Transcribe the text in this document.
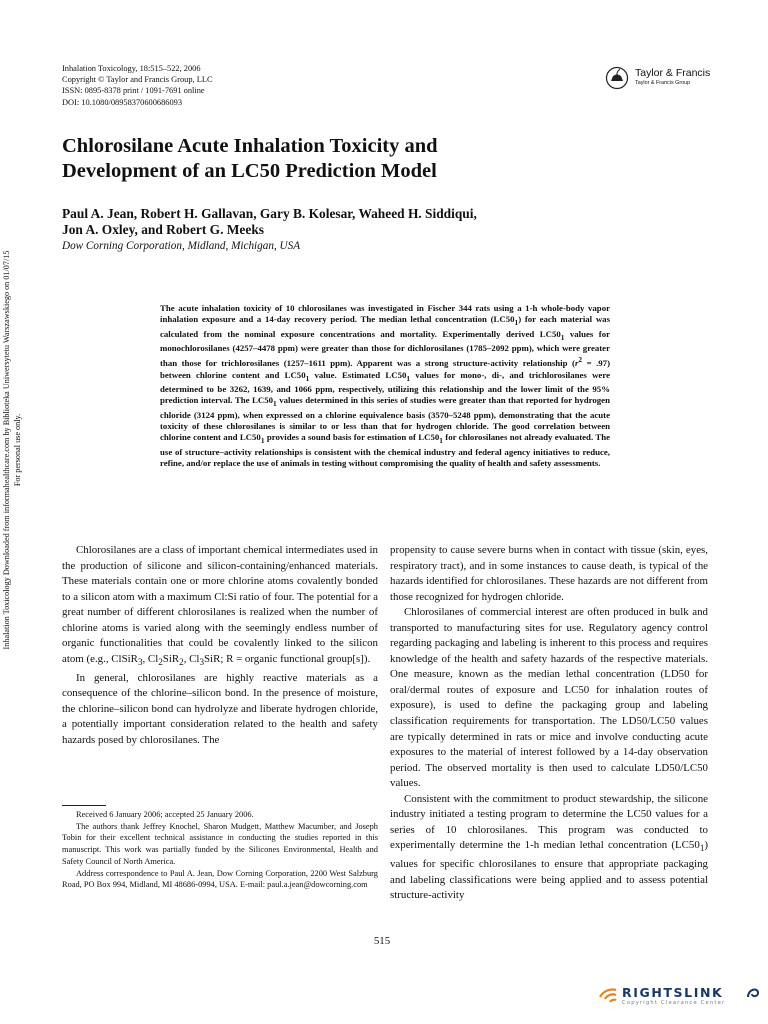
Inhalation Toxicology, 18:515–522, 2006
Copyright © Taylor and Francis Group, LLC
ISSN: 0895-8378 print / 1091-7691 online
DOI: 10.1080/08958370600686093
Taylor & Francis
Taylor & Francis Group
Chlorosilane Acute Inhalation Toxicity and
Development of an LC50 Prediction Model
Paul A. Jean, Robert H. Gallavan, Gary B. Kolesar, Waheed H. Siddiqui,
Jon A. Oxley, and Robert G. Meeks
Dow Corning Corporation, Midland, Michigan, USA
The acute inhalation toxicity of 10 chlorosilanes was investigated in Fischer 344 rats using a 1-h whole-body vapor inhalation exposure and a 14-day recovery period. The median lethal concentration $(LC50_1)$ for each material was calculated from the nominal exposure concentrations and mortality. Experimentally derived $LC50_1$ values for monochlorosilanes (4257–4478 ppm) were greater than those for dichlorosilanes (1785–2092 ppm), which were greater than those for trichlorosilanes (1257–1611 ppm). Apparent was a strong structure-activity relationship $(r^2 = .97)$ between chlorine content and $LC50_1$ value. Estimated $LC50_1$ values for mono-, di-, and trichlorosilanes were determined to be 3262, 1639, and 1066 ppm, respectively, utilizing this relationship and the lower limit of the 95% prediction interval. The $LC50_1$ values determined in this series of studies were greater than that reported for hydrogen chloride (3124 ppm), when expressed on a chlorine equivalence basis (3570–5248 ppm), demonstrating that the acute toxicity of these chlorosilanes is similar to or less than that for hydrogen chloride. The good correlation between chlorine content and $LC50_1$ provides a sound basis for estimation of $LC50_1$ for chlorosilanes not already evaluated. The use of structure–activity relationships is consistent with the chemical industry and federal agency initiatives to reduce, refine, and/or replace the use of animals in testing without compromising the quality of health and safety assessments.
Inhalation Toxicology Downloaded from informahealthcare.com by Biblioteka Uniwersytetu Warszawskiego on 01/07/15 For personal use only.

Chlorosilanes are a class of important chemical intermediates used in the production of silicone and silicon-containing/enhanced materials. These materials contain one or more chlorine atoms covalently bonded to a silicon atom with a maximum Cl:Si ratio of four. The potential for a great number of different chlorosilanes is realized when the number of chlorine atoms is varied along with the seemingly endless number of organic functionalities that could be covalently linked to the silicon atom (e.g., ClSiR$_3$, $Cl_2SiR_2$, $Cl_3SiR$; R = organic functional group[s]).

In general, chlorosilanes are highly reactive materials as a consequence of the chlorine–silicon bond. In the presence of moisture, the chlorine–silicon bond can hydrolyze and liberate hydrogen chloride, a potentially important consideration related to the health and safety hazards posed by chlorosilanes. The

Received 6 January 2006; accepted 25 January 2006.

The authors thank Jeffrey Knochel, Sharon Mudgett, Matthew Macumber, and Joseph Tobin for their excellent technical assistance in conducting the studies reported in this manuscript. This work was partially funded by the Silicones Environmental, Health and Safety Council of North America.

Address correspondence to Paul A. Jean, Dow Corning Corporation, 2200 West Salzburg Road, PO Box 994, Midland, MI 48686-0994, USA. E-mail: paul.a.jean@dowcorning.com

propensity to cause severe burns when in contact with tissue (skin, eyes, respiratory tract), and in some instances to cause death, is typical of the hazards identified for chlorosilanes. These hazards are not different from those recognized for hydrogen chloride.

Chlorosilanes of commercial interest are often produced in bulk and transported to manufacturing sites for use. Regulatory agency control regarding packaging and labeling is inherent to this process and requires knowledge of the health and safety hazards of the respective materials. One measure, known as the median lethal concentration (LD50 for oral/dermal routes of exposure and LC50 for inhalation routes of exposure), is used to define the packaging group and labeling classification requirements for transportation. The LD50/LC50 values are typically determined in rats or mice and involve conducting acute exposures to the material of interest followed by a 14-day observation period. The observed mortality is then used to calculate LD50/LC50 values.

Consistent with the commitment to product stewardship, the silicone industry initiated a testing program to determine the LC50 values for a series of 10 chlorosilanes. This program was conducted to experimentally determine the 1-h median lethal concentration $(LC50_1)$ values for specific chlorosilanes to ensure that appropriate packaging and labeling classifications were being applied and to assess potential structure-activity

515
RIGHTSLINK
Copyright Clearance Center
